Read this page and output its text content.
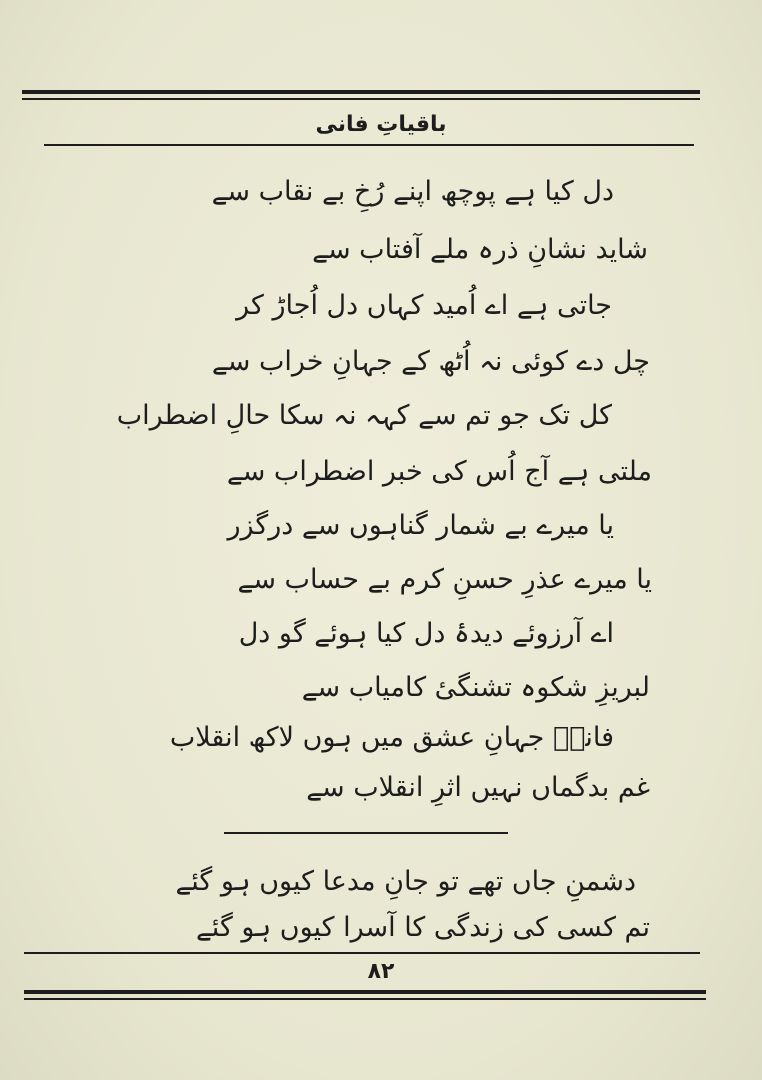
باقیاتِ فانی
دل کیا ہے پوچھ اپنے رُخِ بے نقاب سے
شاید نشانِ ذرہ ملے آفتاب سے
جاتی ہے اے اُمید کہاں دل اُجاڑ کر
چل دے کوئی نہ اُٹھ کے جہانِ خراب سے
کل تک جو تم سے کہہ نہ سکا حالِ اضطراب
ملتی ہے آج اُس کی خبر اضطراب سے
یا میرے بے شمار گناہوں سے درگزر
یا میرے عذرِ حسنِ کرم بے حساب سے
اے آرزوئے دیدۂ دل کیا ہوئے گو دل
لبریزِ شکوہ تشنگیٔ کامیاب سے
فانیؔ جہانِ عشق میں ہوں لاکھ انقلاب
غم بدگماں نہیں اثرِ انقلاب سے
دشمنِ جاں تھے تو جانِ مدعا کیوں ہو گئے
تم کسی کی زندگی کا آسرا کیوں ہو گئے
۸۲
